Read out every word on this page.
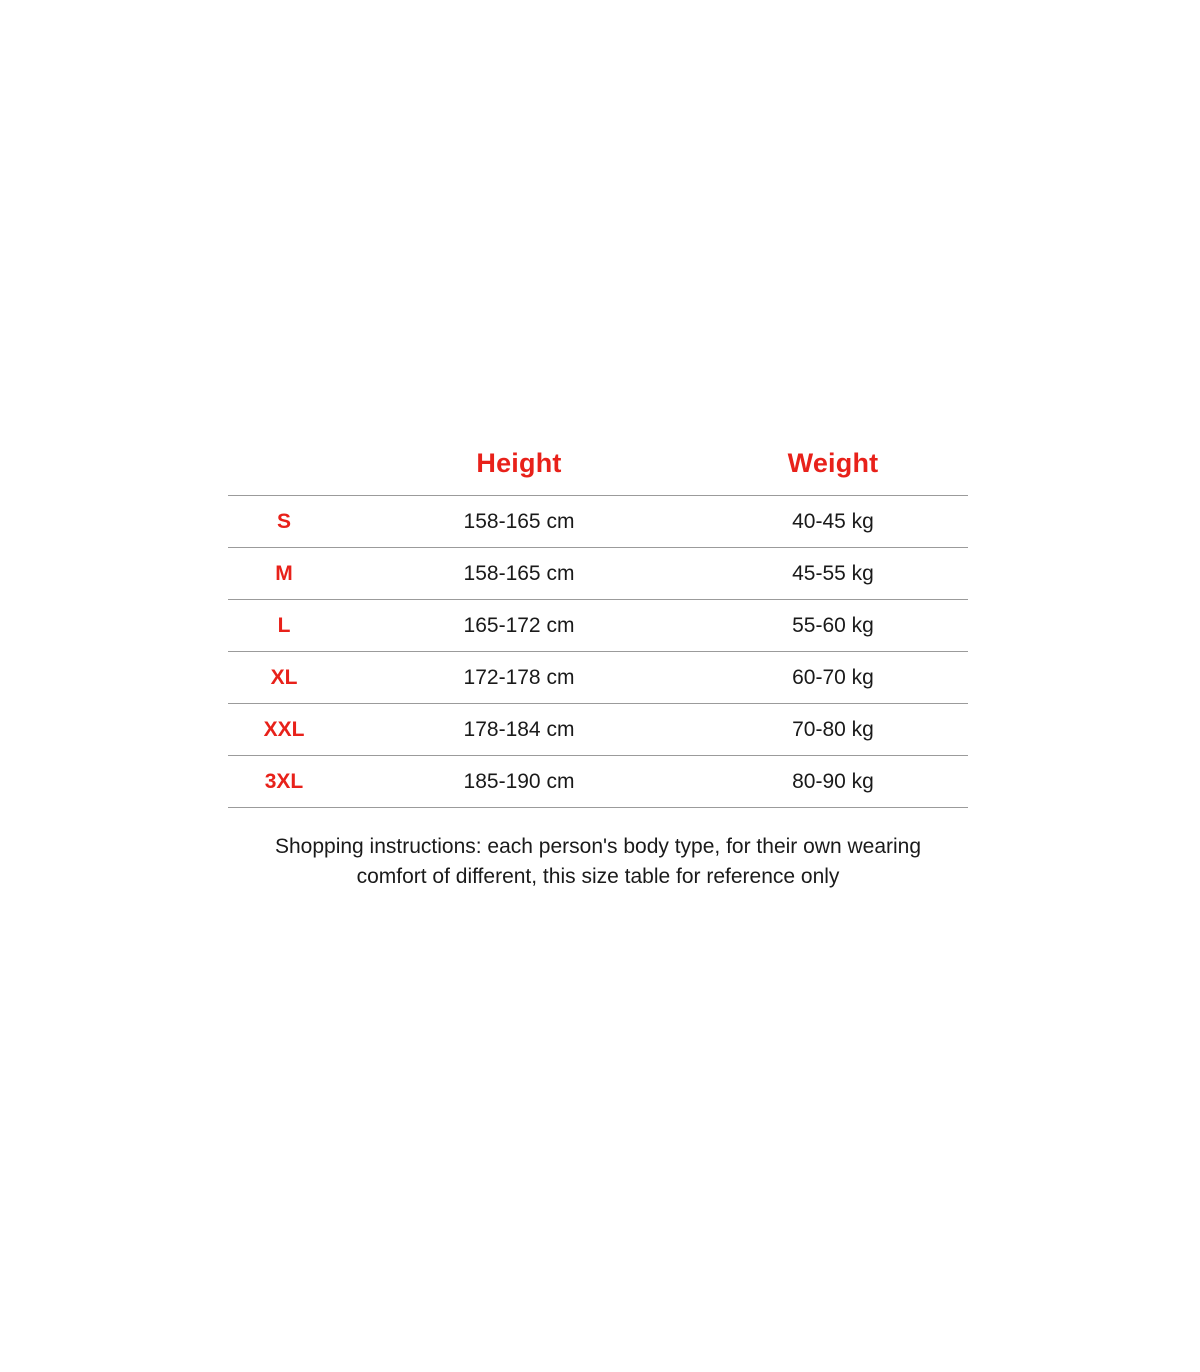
	Height	Weight
S	158-165 cm	40-45 kg
M	158-165 cm	45-55 kg
L	165-172 cm	55-60 kg
XL	172-178 cm	60-70 kg
XXL	178-184 cm	70-80 kg
3XL	185-190 cm	80-90 kg
Shopping instructions: each person's body type, for their own wearing
comfort of different, this size table for reference only
